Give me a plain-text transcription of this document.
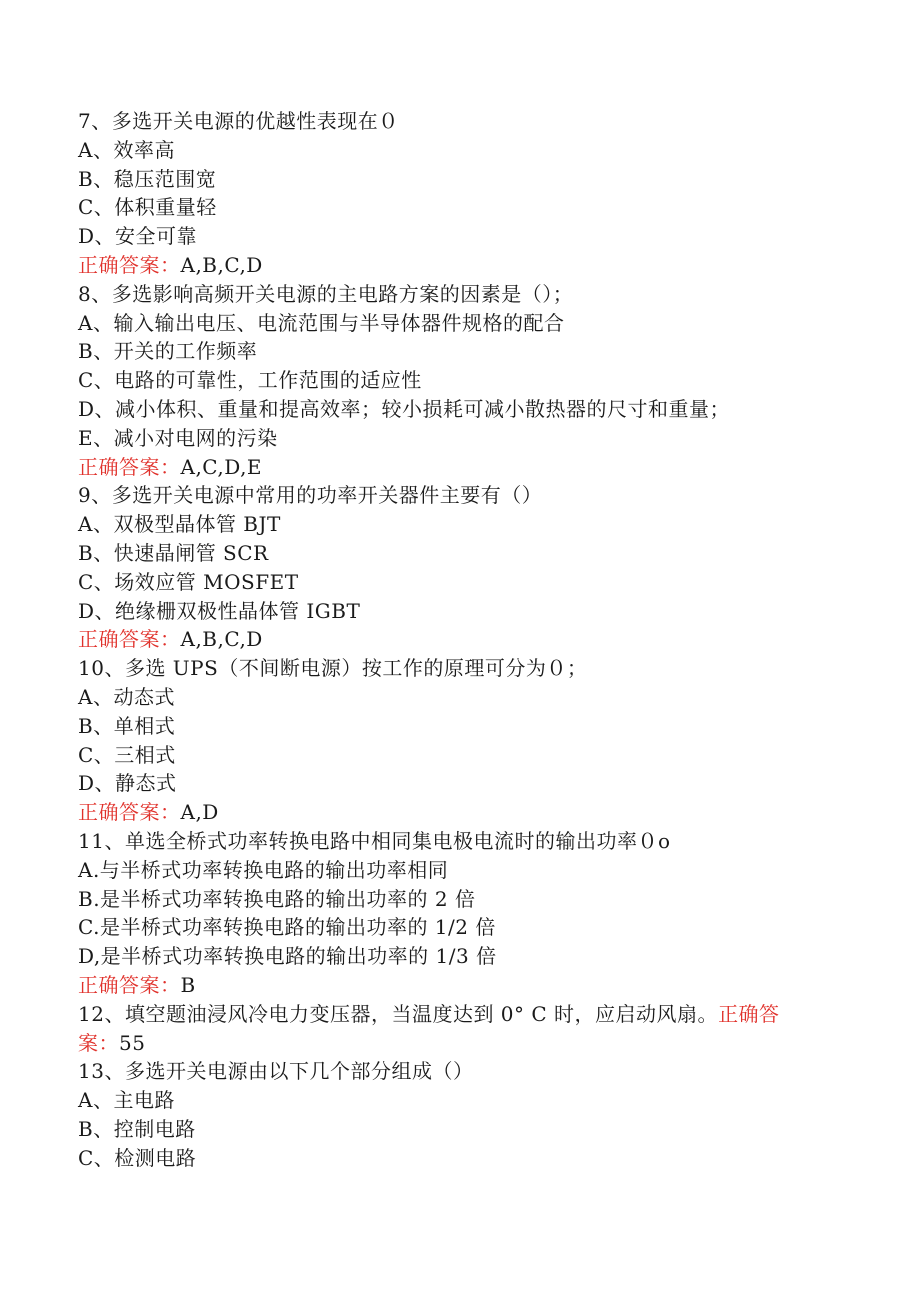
7、多选开关电源的优越性表现在０
A、效率高
B、稳压范围宽
C、体积重量轻
D、安全可靠
正确答案：A,B,C,D
8、多选影响高频开关电源的主电路方案的因素是（）；
A、输入输出电压、电流范围与半导体器件规格的配合
B、开关的工作频率
C、电路的可靠性，工作范围的适应性
D、减小体积、重量和提高效率；较小损耗可减小散热器的尺寸和重量；
E、减小对电网的污染
正确答案：A,C,D,E
9、多选开关电源中常用的功率开关器件主要有（）
A、双极型晶体管 BJT
B、快速晶闸管 SCR
C、场效应管 MOSFET
D、绝缘栅双极性晶体管 IGBT
正确答案：A,B,C,D
10、多选 UPS（不间断电源）按工作的原理可分为０；
A、动态式
B、单相式
C、三相式
D、静态式
正确答案：A,D
11、单选全桥式功率转换电路中相同集电极电流时的输出功率０o
A.与半桥式功率转换电路的输出功率相同
B.是半桥式功率转换电路的输出功率的 2 倍
C.是半桥式功率转换电路的输出功率的 1/2 倍
D,是半桥式功率转换电路的输出功率的 1/3 倍
正确答案：B
12、填空题油浸风冷电力变压器，当温度达到 0° C 时，应启动风扇。正确答案：55
13、多选开关电源由以下几个部分组成（）
A、主电路
B、控制电路
C、检测电路
